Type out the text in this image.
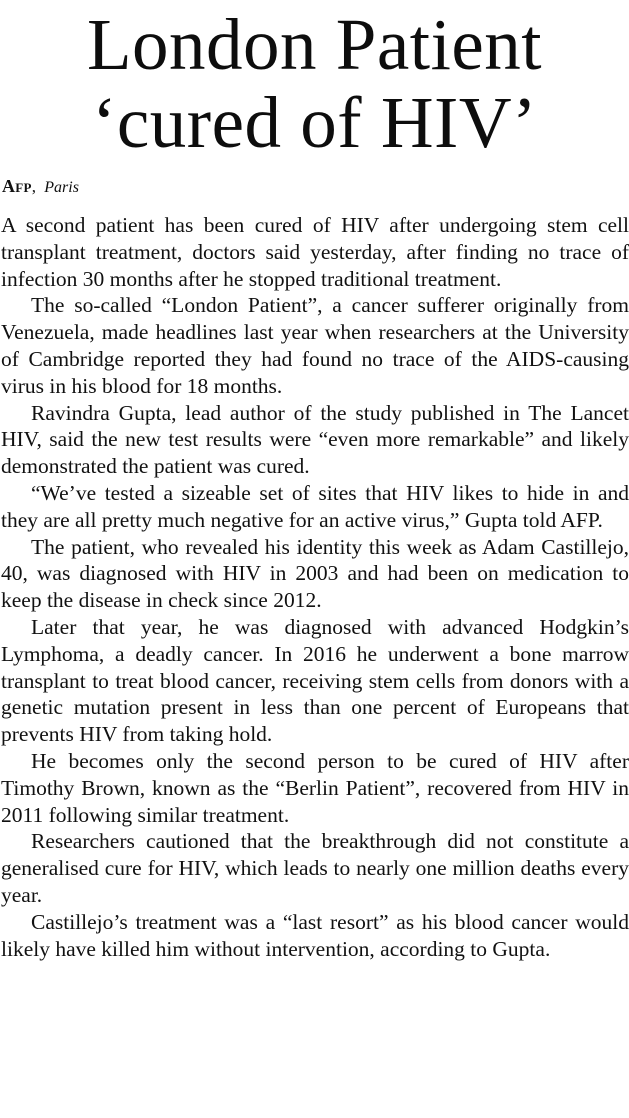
London Patient
‘cured of HIV’
Afp, Paris

A second patient has been cured of HIV after undergoing stem cell transplant treatment, doctors said yesterday, after finding no trace of infection 30 months after he stopped traditional treatment.

The so-called “London Patient”, a cancer sufferer originally from Venezuela, made headlines last year when researchers at the University of Cambridge reported they had found no trace of the AIDS-causing virus in his blood for 18 months.

Ravindra Gupta, lead author of the study published in The Lancet HIV, said the new test results were “even more remarkable” and likely demonstrated the patient was cured.

“We’ve tested a sizeable set of sites that HIV likes to hide in and they are all pretty much negative for an active virus,” Gupta told AFP.

The patient, who revealed his identity this week as Adam Castillejo, 40, was diagnosed with HIV in 2003 and had been on medication to keep the disease in check since 2012.

Later that year, he was diagnosed with advanced Hodgkin’s Lymphoma, a deadly cancer. In 2016 he underwent a bone marrow transplant to treat blood cancer, receiving stem cells from donors with a genetic mutation present in less than one percent of Europeans that prevents HIV from taking hold.

He becomes only the second person to be cured of HIV after Timothy Brown, known as the “Berlin Patient”, recovered from HIV in 2011 following similar treatment.

Researchers cautioned that the breakthrough did not constitute a generalised cure for HIV, which leads to nearly one million deaths every year.

Castillejo’s treatment was a “last resort” as his blood cancer would likely have killed him without intervention, according to Gupta.
